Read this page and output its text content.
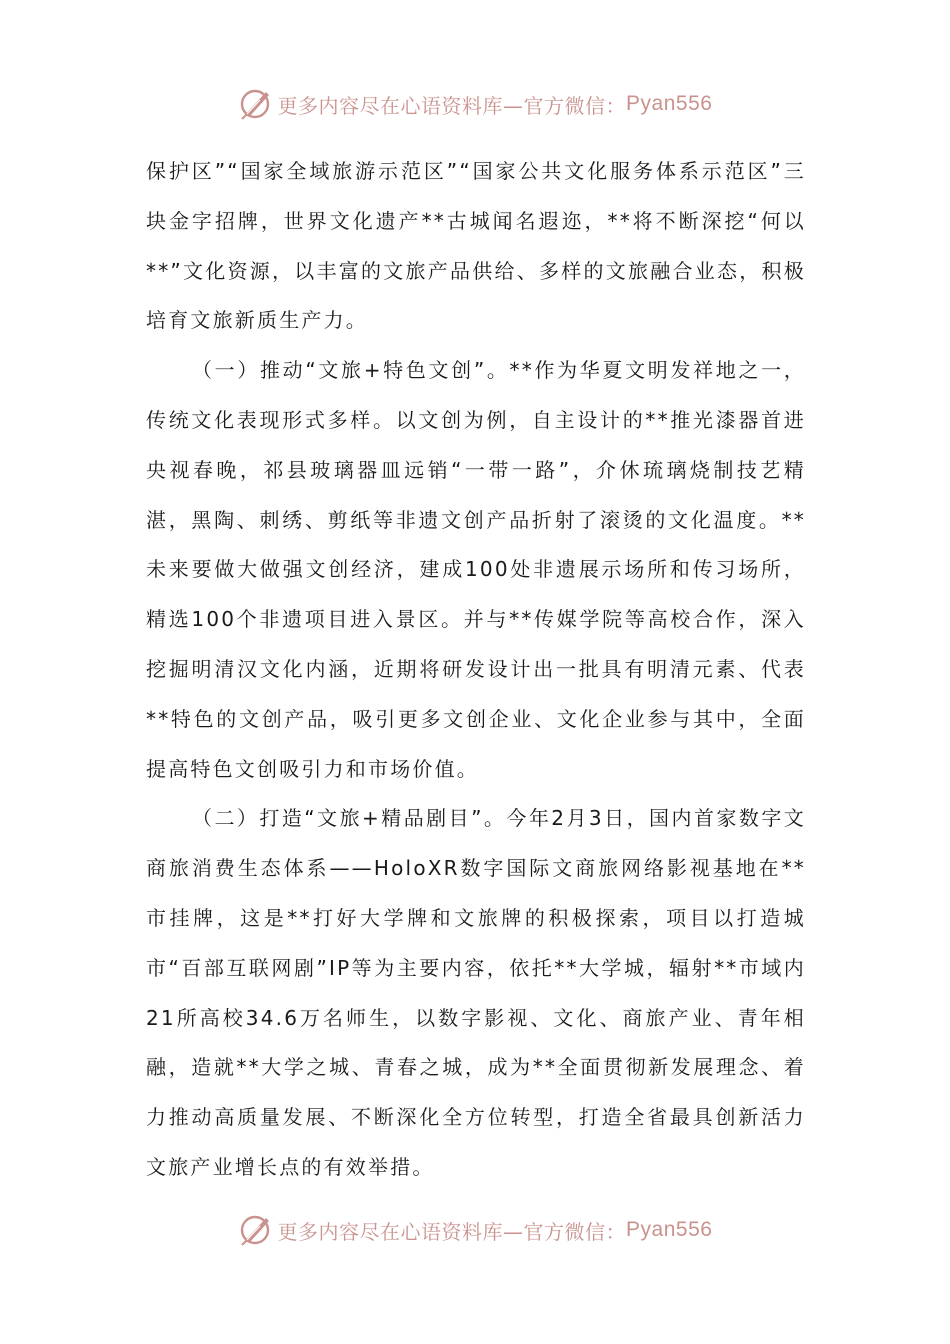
更多内容尽在心语资料库—官方微信： Pyan556

保护区”“国家全域旅游示范区”“国家公共文化服务体系示范区”三块金字招牌，世界文化遗产**古城闻名遐迩，**将不断深挖“何以**”文化资源，以丰富的文旅产品供给、多样的文旅融合业态，积极培育文旅新质生产力。

（一）推动“文旅+特色文创”。**作为华夏文明发祥地之一，传统文化表现形式多样。以文创为例，自主设计的**推光漆器首进央视春晚，祁县玻璃器皿远销“一带一路”，介休琉璃烧制技艺精湛，黑陶、刺绣、剪纸等非遗文创产品折射了滚烫的文化温度。**未来要做大做强文创经济，建成100处非遗展示场所和传习场所，精选100个非遗项目进入景区。并与**传媒学院等高校合作，深入挖掘明清汉文化内涵，近期将研发设计出一批具有明清元素、代表**特色的文创产品，吸引更多文创企业、文化企业参与其中，全面提高特色文创吸引力和市场价值。

（二）打造“文旅+精品剧目”。今年2月3日，国内首家数字文商旅消费生态体系——HoloXR数字国际文商旅网络影视基地在**市挂牌，这是**打好大学牌和文旅牌的积极探索，项目以打造城市“百部互联网剧”IP等为主要内容，依托**大学城，辐射**市域内21所高校34.6万名师生，以数字影视、文化、商旅产业、青年相融，造就**大学之城、青春之城，成为**全面贯彻新发展理念、着力推动高质量发展、不断深化全方位转型，打造全省最具创新活力文旅产业增长点的有效举措。

更多内容尽在心语资料库—官方微信： Pyan556
